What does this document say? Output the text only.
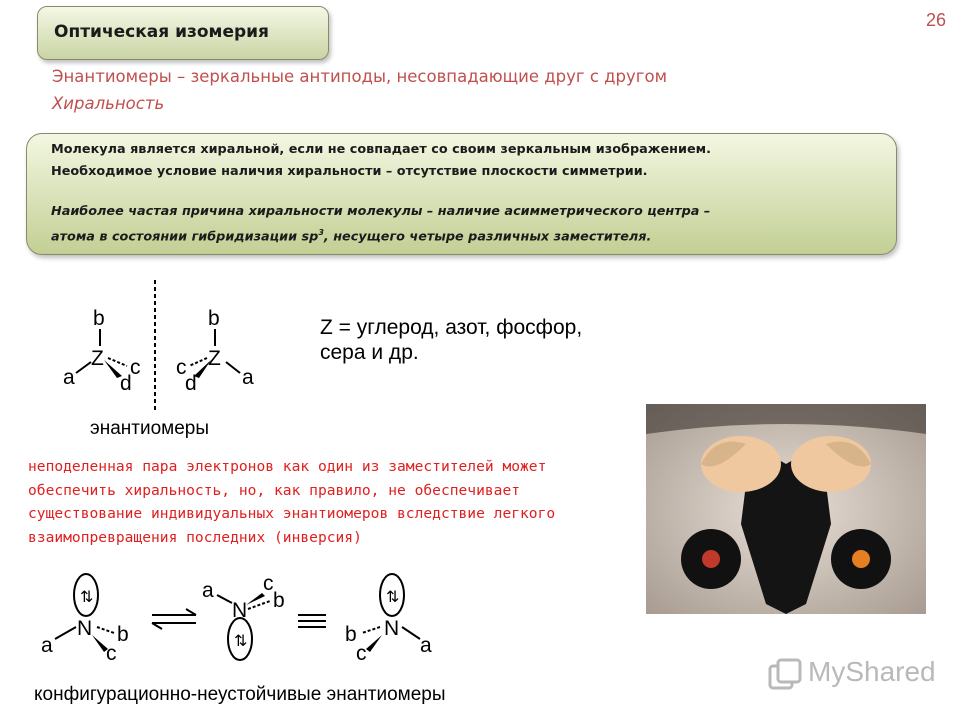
Оптическая изомерия
26
Энантиомеры – зеркальные антиподы, несовпадающие друг с другом
Хиральность
Молекула является хиральной, если не совпадает со своим зеркальным изображением.
Необходимое условие наличия хиральности – отсутствие плоскости симметрии.
Наиболее частая причина хиральности молекулы – наличие асимметрического центра –
атома в состоянии гибридизации $sp^3$, несущего четыре различных заместителя.
b
Z
a	c
d
b
Z
c
d a
энантиомеры
Z = углерод, азот, фосфор,
сера и др.
неподеленная пара электронов как один из заместителей может
обеспечить хиральность, но, как правило, не обеспечивает
существование индивидуальных энантиомеров вследствие легкого
взаимопревращения последних (инверсия)
⇅
N
a	b
c
a c
b
N
⇅
⇅
N
b
c	a
конфигурационно-неустойчивые энантиомеры
MyShared
